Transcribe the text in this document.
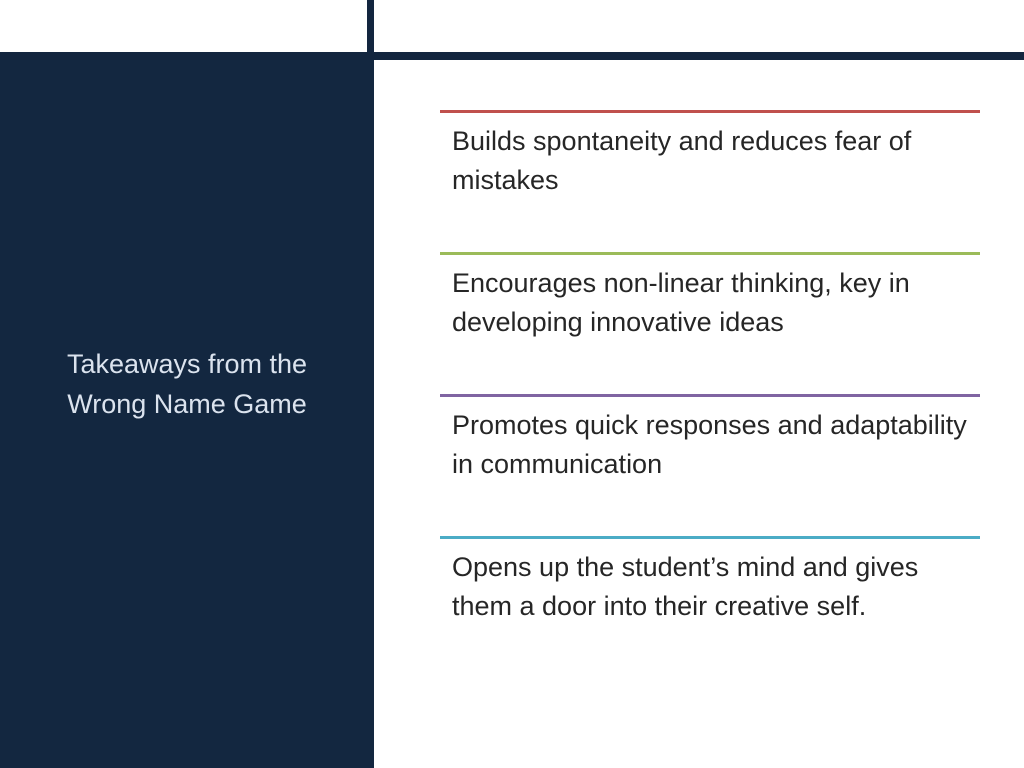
Takeaways from the Wrong Name Game
Builds spontaneity and reduces fear of mistakes
Encourages non-linear thinking, key in developing innovative ideas
Promotes quick responses and adaptability in communication
Opens up the student’s mind and gives them a door into their creative self.
